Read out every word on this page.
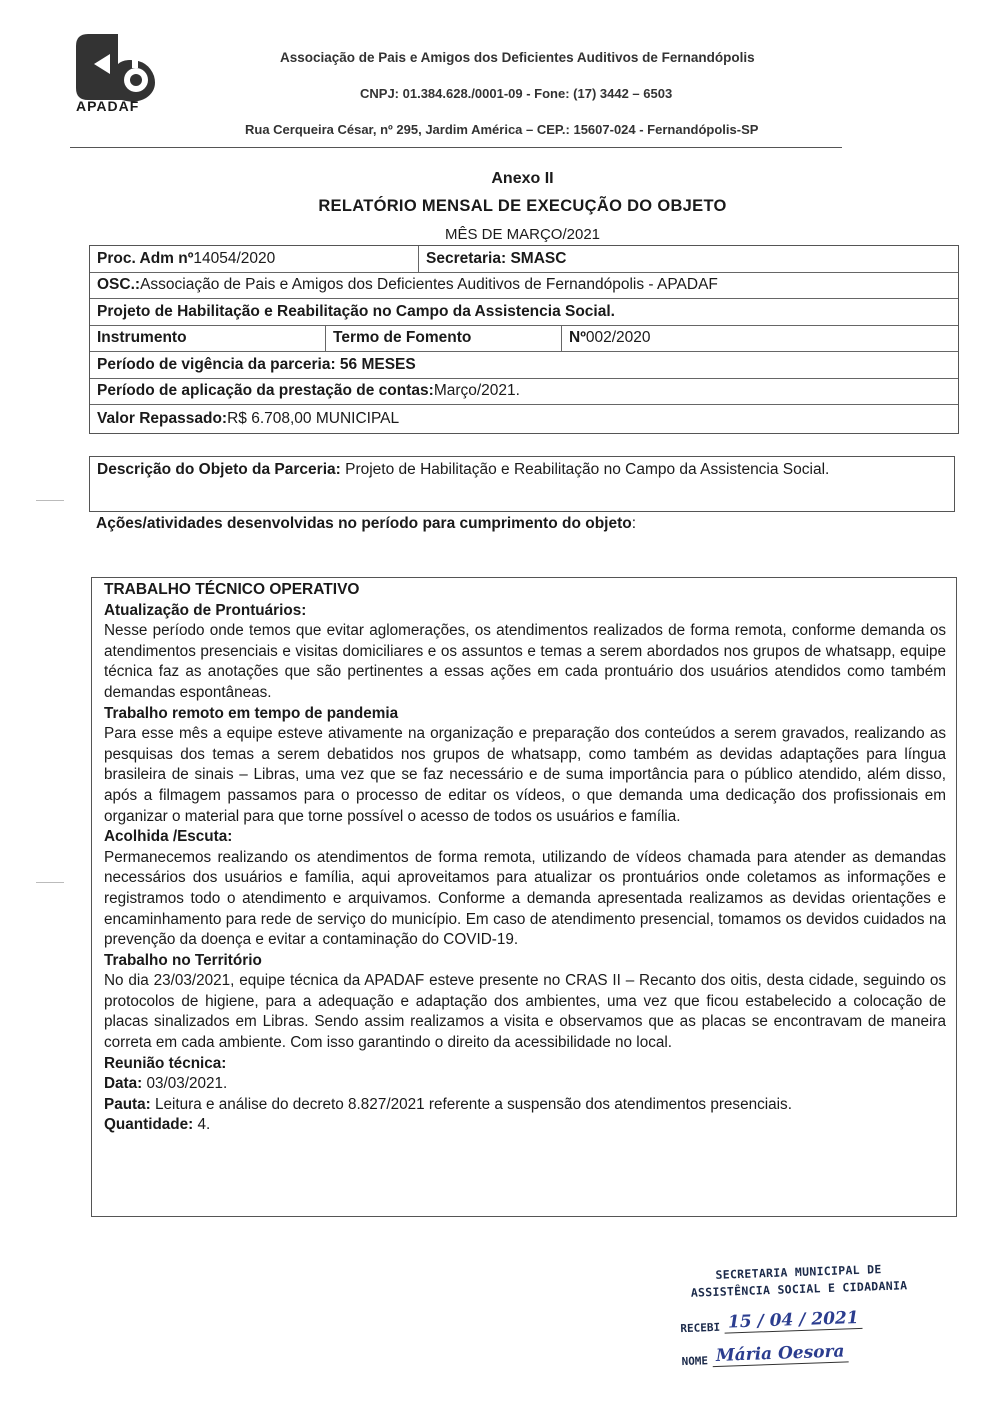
APADAF
Associação de Pais e Amigos dos Deficientes Auditivos de Fernandópolis
CNPJ: 01.384.628./0001-09 - Fone: (17) 3442 – 6503
Rua Cerqueira César, nº 295, Jardim América – CEP.: 15607-024 - Fernandópolis-SP
Anexo II
RELATÓRIO MENSAL DE EXECUÇÃO DO OBJETO
MÊS DE MARÇO/2021
Proc. Adm nº 14054/2020	Secretaria: SMASC
OSC.: Associação de Pais e Amigos dos Deficientes Auditivos de Fernandópolis - APADAF
Projeto de Habilitação e Reabilitação no Campo da Assistencia Social.
Instrumento	Termo de Fomento	Nº 002/2020
Período de vigência da parceria: 56 MESES
Período de aplicação da prestação de contas: Março/2021.
Valor Repassado: R$ 6.708,00 MUNICIPAL
Descrição do Objeto da Parceria: Projeto de Habilitação e Reabilitação no Campo da Assistencia Social.
Ações/atividades desenvolvidas no período para cumprimento do objeto:

TRABALHO TÉCNICO OPERATIVO

Atualização de Prontuários:

Nesse período onde temos que evitar aglomerações, os atendimentos realizados de forma remota, conforme demanda os atendimentos presenciais e visitas domiciliares e os assuntos e temas a serem abordados nos grupos de whatsapp, equipe técnica faz as anotações que são pertinentes a essas ações em cada prontuário dos usuários atendidos como também demandas espontâneas.

Trabalho remoto em tempo de pandemia

Para esse mês a equipe esteve ativamente na organização e preparação dos conteúdos a serem gravados, realizando as pesquisas dos temas a serem debatidos nos grupos de whatsapp, como também as devidas adaptações para língua brasileira de sinais – Libras, uma vez que se faz necessário e de suma importância para o público atendido, além disso, após a filmagem passamos para o processo de editar os vídeos, o que demanda uma dedicação dos profissionais em organizar o material para que torne possível o acesso de todos os usuários e família.

Acolhida /Escuta:

Permanecemos realizando os atendimentos de forma remota, utilizando de vídeos chamada para atender as demandas necessários dos usuários e família, aqui aproveitamos para atualizar os prontuários onde coletamos as informações e registramos todo o atendimento e arquivamos. Conforme a demanda apresentada realizamos as devidas orientações e encaminhamento para rede de serviço do município. Em caso de atendimento presencial, tomamos os devidos cuidados na prevenção da doença e evitar a contaminação do COVID-19.

Trabalho no Território

No dia 23/03/2021, equipe técnica da APADAF esteve presente no CRAS II – Recanto dos oitis, desta cidade, seguindo os protocolos de higiene, para a adequação e adaptação dos ambientes, uma vez que ficou estabelecido a colocação de placas sinalizados em Libras. Sendo assim realizamos a visita e observamos que as placas se encontravam de maneira correta em cada ambiente. Com isso garantindo o direito da acessibilidade no local.

Reunião técnica:

Data: 03/03/2021.

Pauta: Leitura e análise do decreto 8.827/2021 referente a suspensão dos atendimentos presenciais.

Quantidade: 4.

SECRETARIA MUNICIPAL DE
ASSISTÊNCIA SOCIAL E CIDADANIA
RECEBI 15 / 04 / 2021
NOME Mária Oesora
